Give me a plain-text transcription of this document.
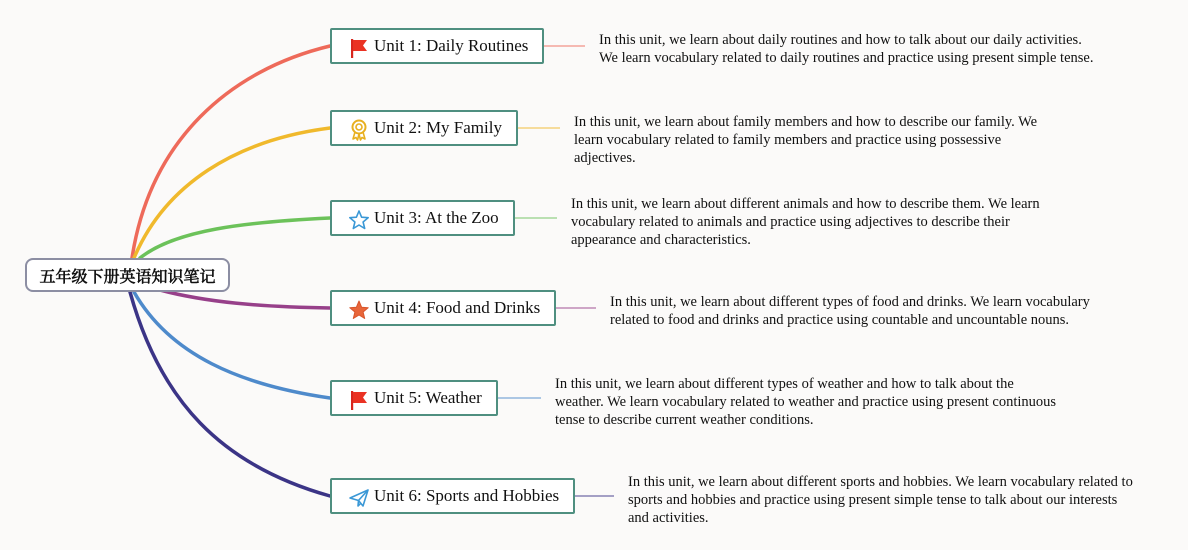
五年级下册英语知识笔记
Unit 1: Daily Routines
Unit 2: My Family
Unit 3: At the Zoo
Unit 4: Food and Drinks
Unit 5: Weather
Unit 6: Sports and Hobbies
In this unit, we learn about daily routines and how to talk about our daily activities. We learn vocabulary related to daily routines and practice using present simple tense.
In this unit, we learn about family members and how to describe our family. We learn vocabulary related to family members and practice using possessive adjectives.
In this unit, we learn about different animals and how to describe them. We learn vocabulary related to animals and practice using adjectives to describe their appearance and characteristics.
In this unit, we learn about different types of food and drinks. We learn vocabulary related to food and drinks and practice using countable and uncountable nouns.
In this unit, we learn about different types of weather and how to talk about the weather. We learn vocabulary related to weather and practice using present continuous tense to describe current weather conditions.
In this unit, we learn about different sports and hobbies. We learn vocabulary related to sports and hobbies and practice using present simple tense to talk about our interests and activities.
